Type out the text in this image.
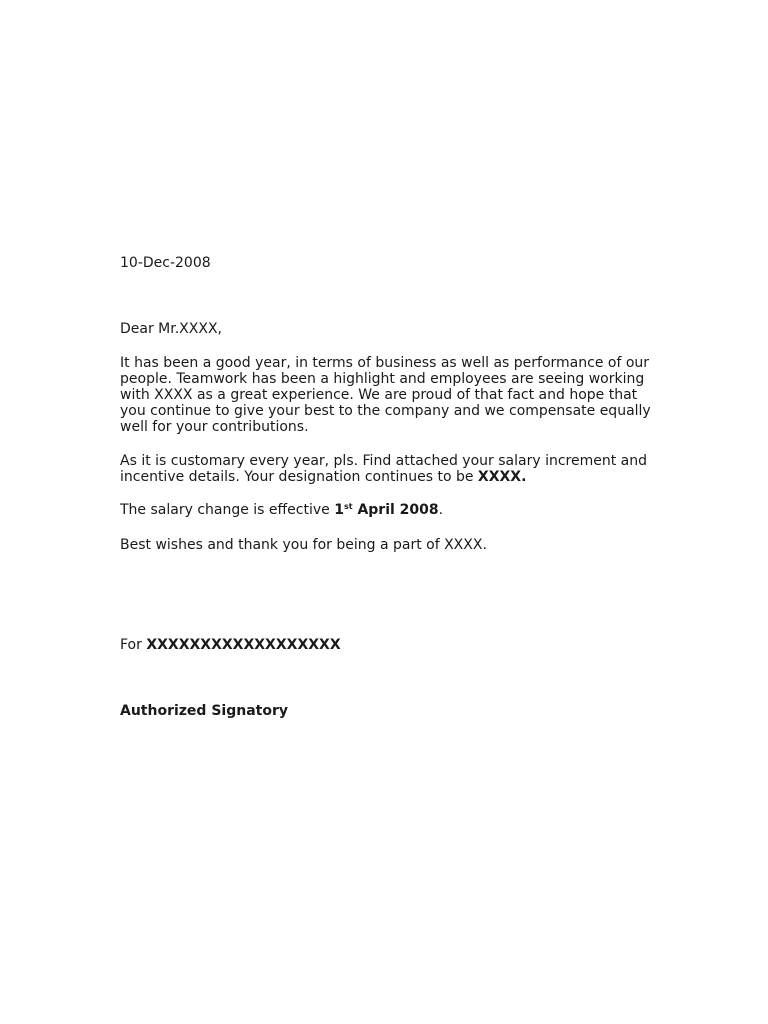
10-Dec-2008

Dear Mr.XXXX,

It has been a good year, in terms of business as well as performance of our people. Teamwork has been a highlight and employees are seeing working with XXXX as a great experience. We are proud of that fact and hope that you continue to give your best to the company and we compensate equally well for your contributions.

As it is customary every year, pls. Find attached your salary increment and incentive details. Your designation continues to be XXXX.

The salary change is effective 1st April 2008.

Best wishes and thank you for being a part of XXXX.

For XXXXXXXXXXXXXXXXXX

Authorized Signatory
